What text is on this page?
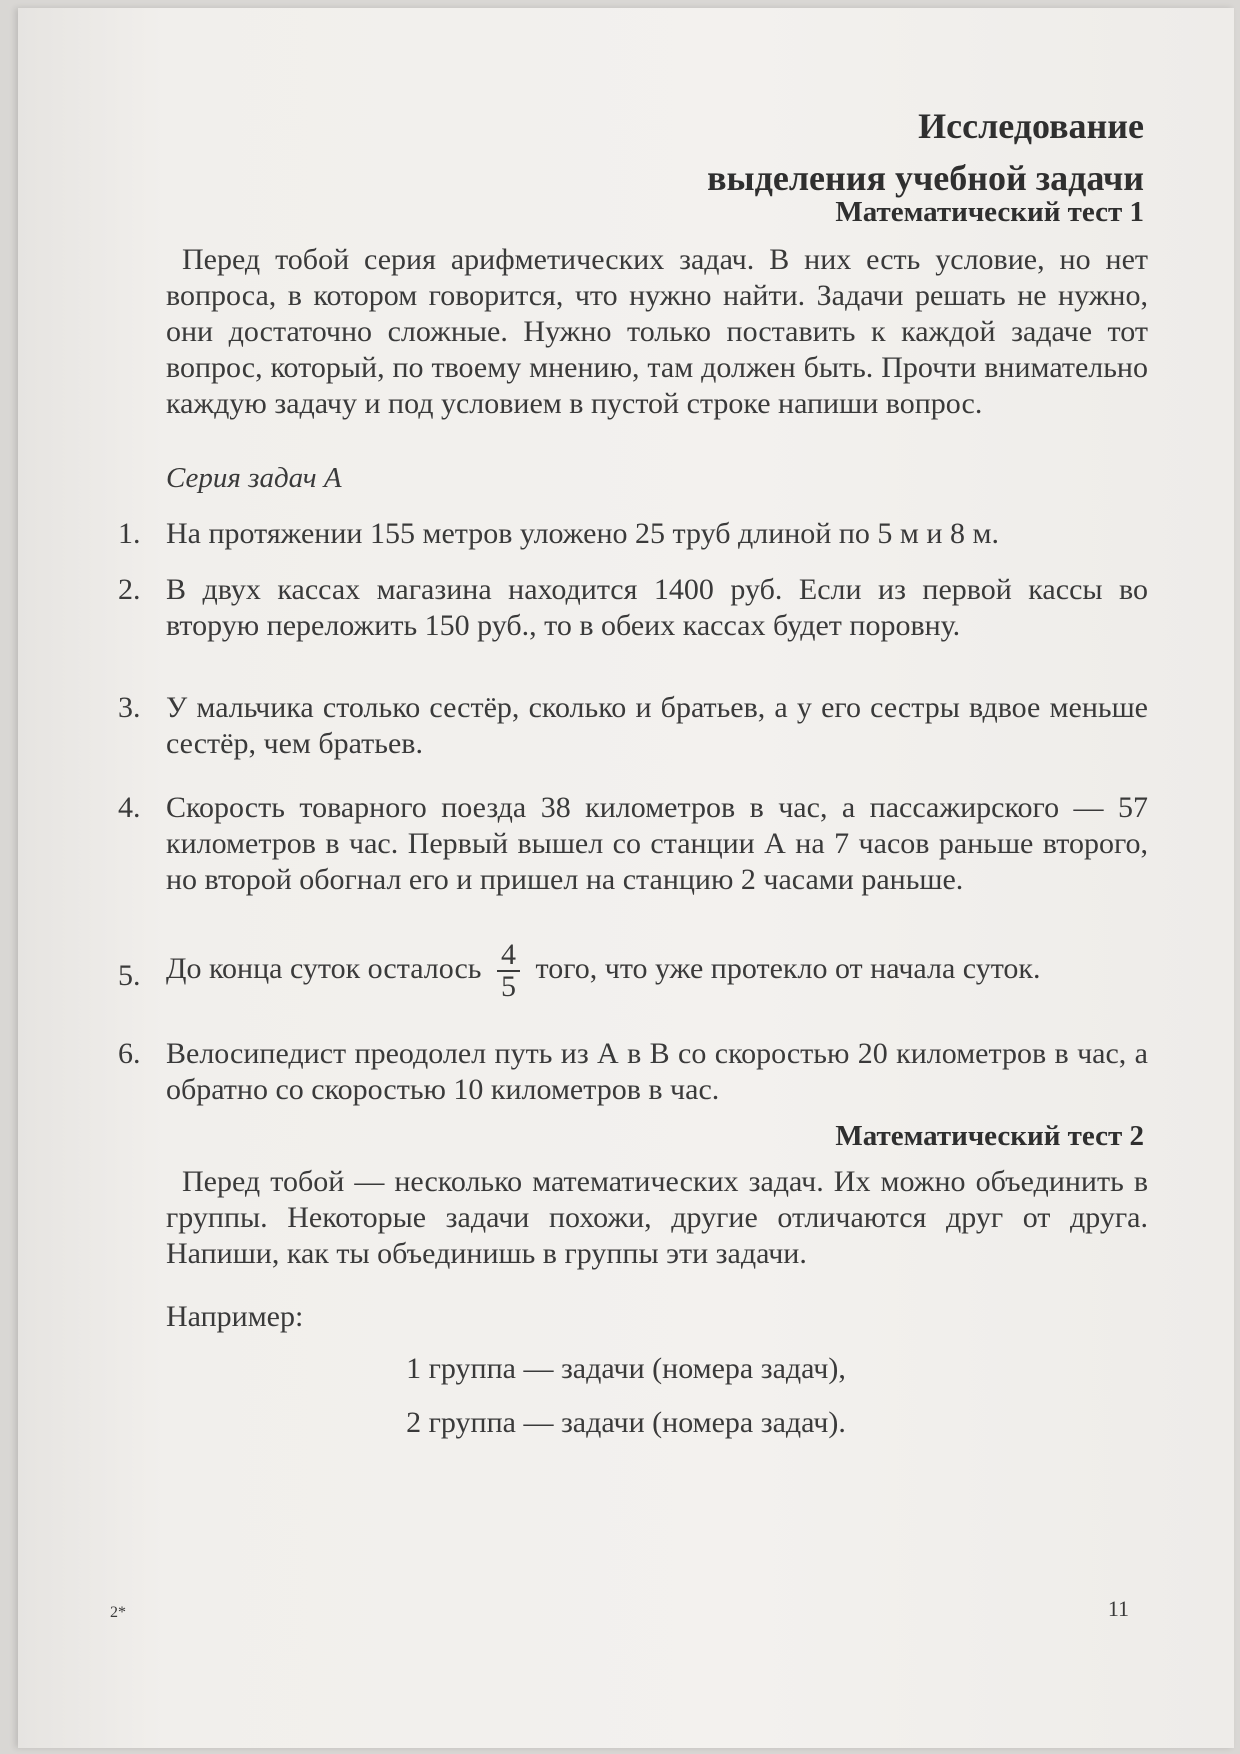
Исследование
выделения учебной задачи
Математический тест 1
Перед тобой серия арифметических задач. В них есть условие, но нет вопроса, в котором говорится, что нужно найти. Задачи решать не нужно, они достаточно сложные. Нужно только поставить к каждой задаче тот вопрос, который, по твоему мнению, там должен быть. Прочти внимательно каждую задачу и под условием в пустой строке напиши вопрос.
Серия задач А
1. На протяжении 155 метров уложено 25 труб длиной по 5 м и 8 м.
2. В двух кассах магазина находится 1400 руб. Если из первой кассы во вторую переложить 150 руб., то в обеих кассах будет поровну.
3. У мальчика столько сестёр, сколько и братьев, а у его сестры вдвое меньше сестёр, чем братьев.
4. Скорость товарного поезда 38 километров в час, а пассажирского — 57 километров в час. Первый вышел со станции А на 7 часов раньше второго, но второй обогнал его и пришел на станцию 2 часами раньше.
5. До конца суток осталось $\frac{4}{5}$ того, что уже протекло от начала суток.
6. Велосипедист преодолел путь из А в В со скоростью 20 километров в час, а обратно со скоростью 10 километров в час.
Математический тест 2
Перед тобой — несколько математических задач. Их можно объединить в группы. Некоторые задачи похожи, другие отличаются друг от друга. Напиши, как ты объединишь в группы эти задачи.
Например:
1 группа — задачи (номера задач),
2 группа — задачи (номера задач).
2*	11
